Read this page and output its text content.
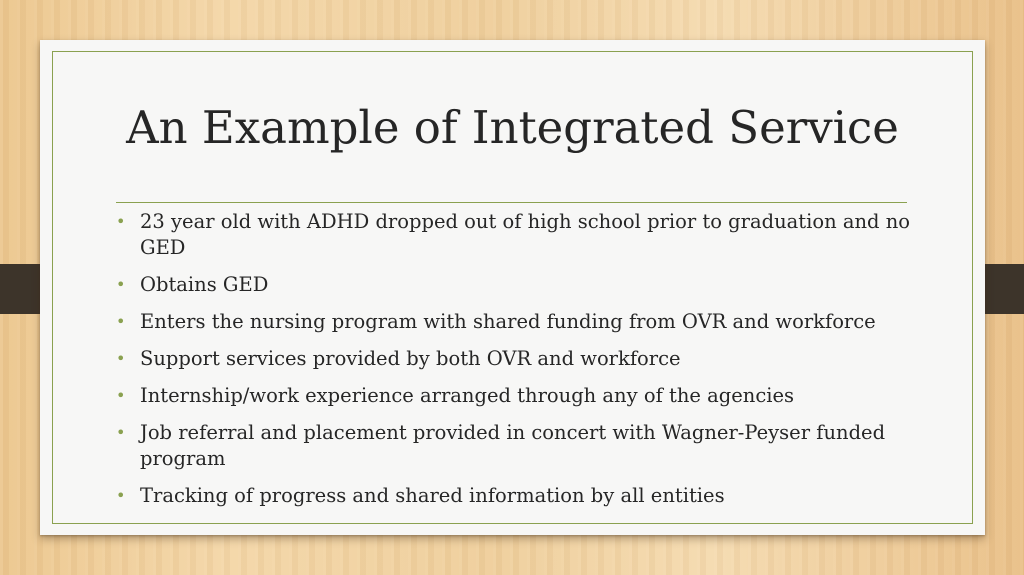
An Example of Integrated Service
• 23 year old with ADHD dropped out of high school prior to graduation and no GED
• Obtains GED
• Enters the nursing program with shared funding from OVR and workforce
• Support services provided by both OVR and workforce
• Internship/work experience arranged through any of the agencies
• Job referral and placement provided in concert with Wagner-Peyser funded program
• Tracking of progress and shared information by all entities
